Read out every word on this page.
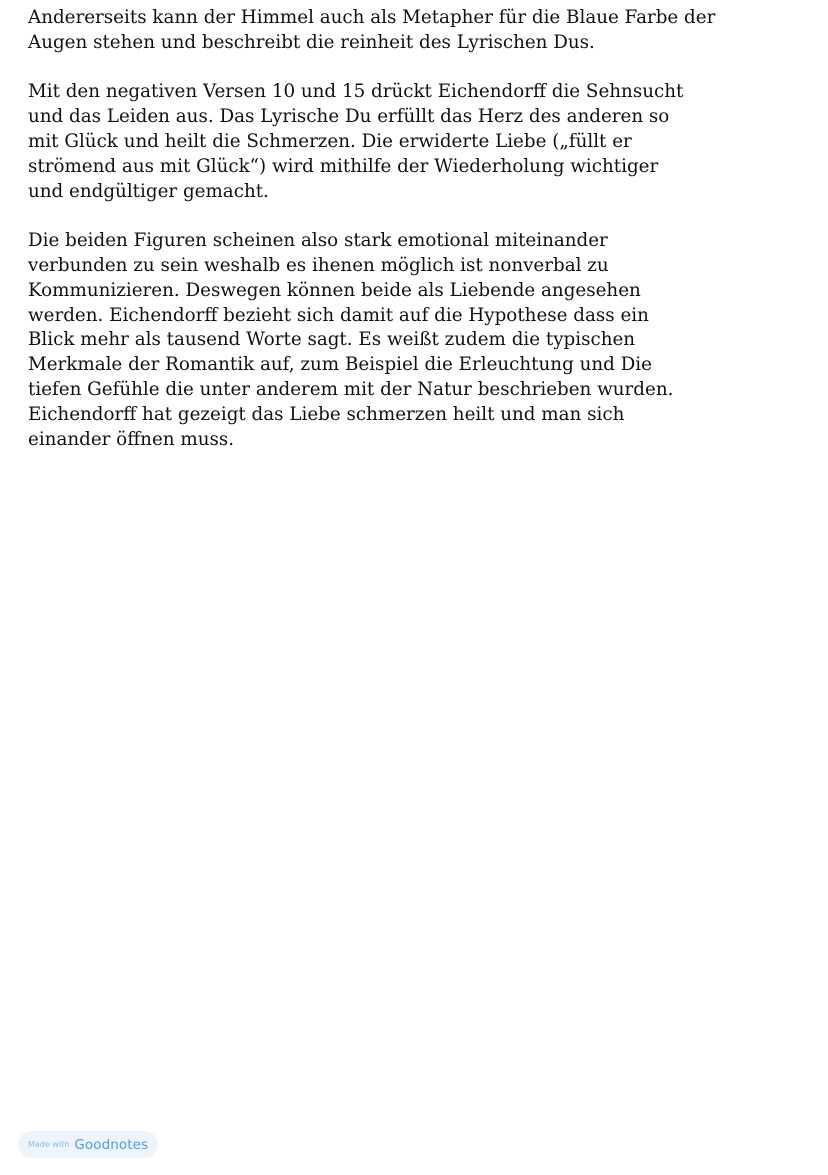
Andererseits kann der Himmel auch als Metapher für die Blaue Farbe der
Augen stehen und beschreibt die reinheit des Lyrischen Dus.

Mit den negativen Versen 10 und 15 drückt Eichendorff die Sehnsucht
und das Leiden aus. Das Lyrische Du erfüllt das Herz des anderen so
mit Glück und heilt die Schmerzen. Die erwiderte Liebe („füllt er
strömend aus mit Glück“) wird mithilfe der Wiederholung wichtiger
und endgültiger gemacht.

Die beiden Figuren scheinen also stark emotional miteinander
verbunden zu sein weshalb es ihenen möglich ist nonverbal zu
Kommunizieren. Deswegen können beide als Liebende angesehen
werden. Eichendorff bezieht sich damit auf die Hypothese dass ein
Blick mehr als tausend Worte sagt. Es weißt zudem die typischen
Merkmale der Romantik auf, zum Beispiel die Erleuchtung und Die
tiefen Gefühle die unter anderem mit der Natur beschrieben wurden.
Eichendorff hat gezeigt das Liebe schmerzen heilt und man sich
einander öffnen muss.

Made with Goodnotes
